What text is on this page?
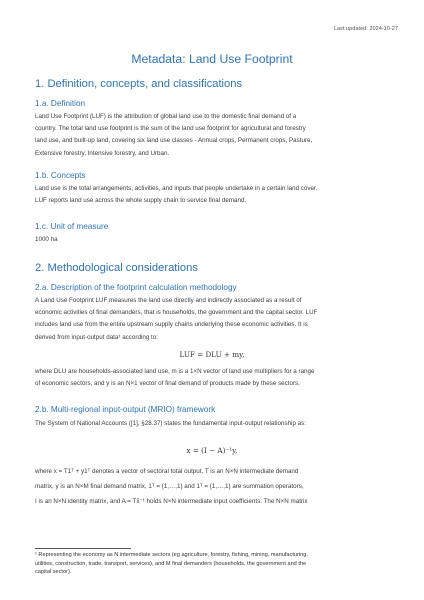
Last updated: 2024-10-27
Metadata: Land Use Footprint
1. Definition, concepts, and classifications
1.a. Definition
Land Use Footprint (LUF) is the attribution of global land use to the domestic final demand of a
country. The total land use footprint is the sum of the land use footprint for agricultural and forestry
land use, and built-up land, covering six land use classes - Annual crops, Permanent crops, Pasture,
Extensive forestry, Intensive forestry, and Urban.
1.b. Concepts
Land use is the total arrangements, activities, and inputs that people undertake in a certain land cover.
LUF reports land use across the whole supply chain to service final demand.
1.c. Unit of measure
1000 ha
2. Methodological considerations
2.a. Description of the footprint calculation methodology
A Land Use Footprint LUF measures the land use directly and indirectly associated as a result of
economic activities of final demanders, that is households, the government and the capital sector. LUF
includes land use from the entire upstream supply chains underlying these economic activities. It is
derived from input-output data¹ according to:
LUF = DLU + my,
where DLU are households-associated land use, m is a 1×N vector of land use multipliers for a range
of economic sectors, and y is an N×1 vector of final demand of products made by these sectors.
2.b. Multi-regional input-output (MRIO) framework
The System of National Accounts ([1], §28.37) states the fundamental input-output relationship as:
x = (I − A)⁻¹y,
where x = T1ᵀ + y1ᵀ denotes a vector of sectoral total output, T is an N×N intermediate demand
matrix, y is an N×M final demand matrix, 1ᵀ = {1,…,1} and 1ᵀ = {1,…,1} are summation operators,
I is an N×N identity matrix, and A = Tx̂⁻¹ holds N×N intermediate input coefficients. The N×N matrix
¹ Representing the economy as N intermediate sectors (eg agriculture, forestry, fishing, mining, manufacturing,
utilities, construction, trade, transport, services), and M final demanders (households, the government and the
capital sector).
